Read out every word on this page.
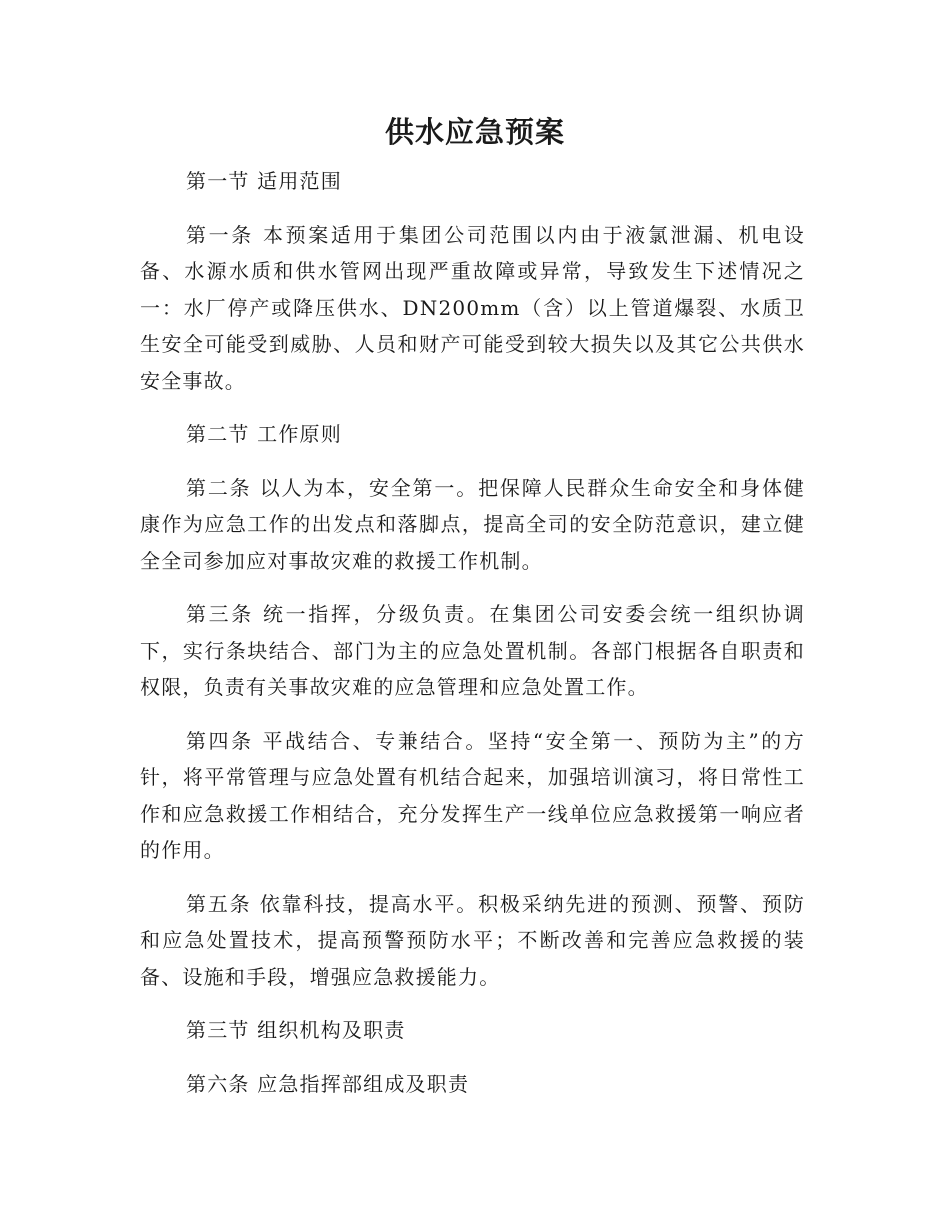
供水应急预案

第一节 适用范围

第一条 本预案适用于集团公司范围以内由于液氯泄漏、机电设备、水源水质和供水管网出现严重故障或异常，导致发生下述情况之一：水厂停产或降压供水、DN200mm（含）以上管道爆裂、水质卫生安全可能受到威胁、人员和财产可能受到较大损失以及其它公共供水安全事故。

第二节 工作原则

第二条 以人为本，安全第一。把保障人民群众生命安全和身体健康作为应急工作的出发点和落脚点，提高全司的安全防范意识，建立健全全司参加应对事故灾难的救援工作机制。

第三条 统一指挥，分级负责。在集团公司安委会统一组织协调下，实行条块结合、部门为主的应急处置机制。各部门根据各自职责和权限，负责有关事故灾难的应急管理和应急处置工作。

第四条 平战结合、专兼结合。坚持“安全第一、预防为主”的方针，将平常管理与应急处置有机结合起来，加强培训演习，将日常性工作和应急救援工作相结合，充分发挥生产一线单位应急救援第一响应者的作用。

第五条 依靠科技，提高水平。积极采纳先进的预测、预警、预防和应急处置技术，提高预警预防水平；不断改善和完善应急救援的装备、设施和手段，增强应急救援能力。

第三节 组织机构及职责

第六条 应急指挥部组成及职责
